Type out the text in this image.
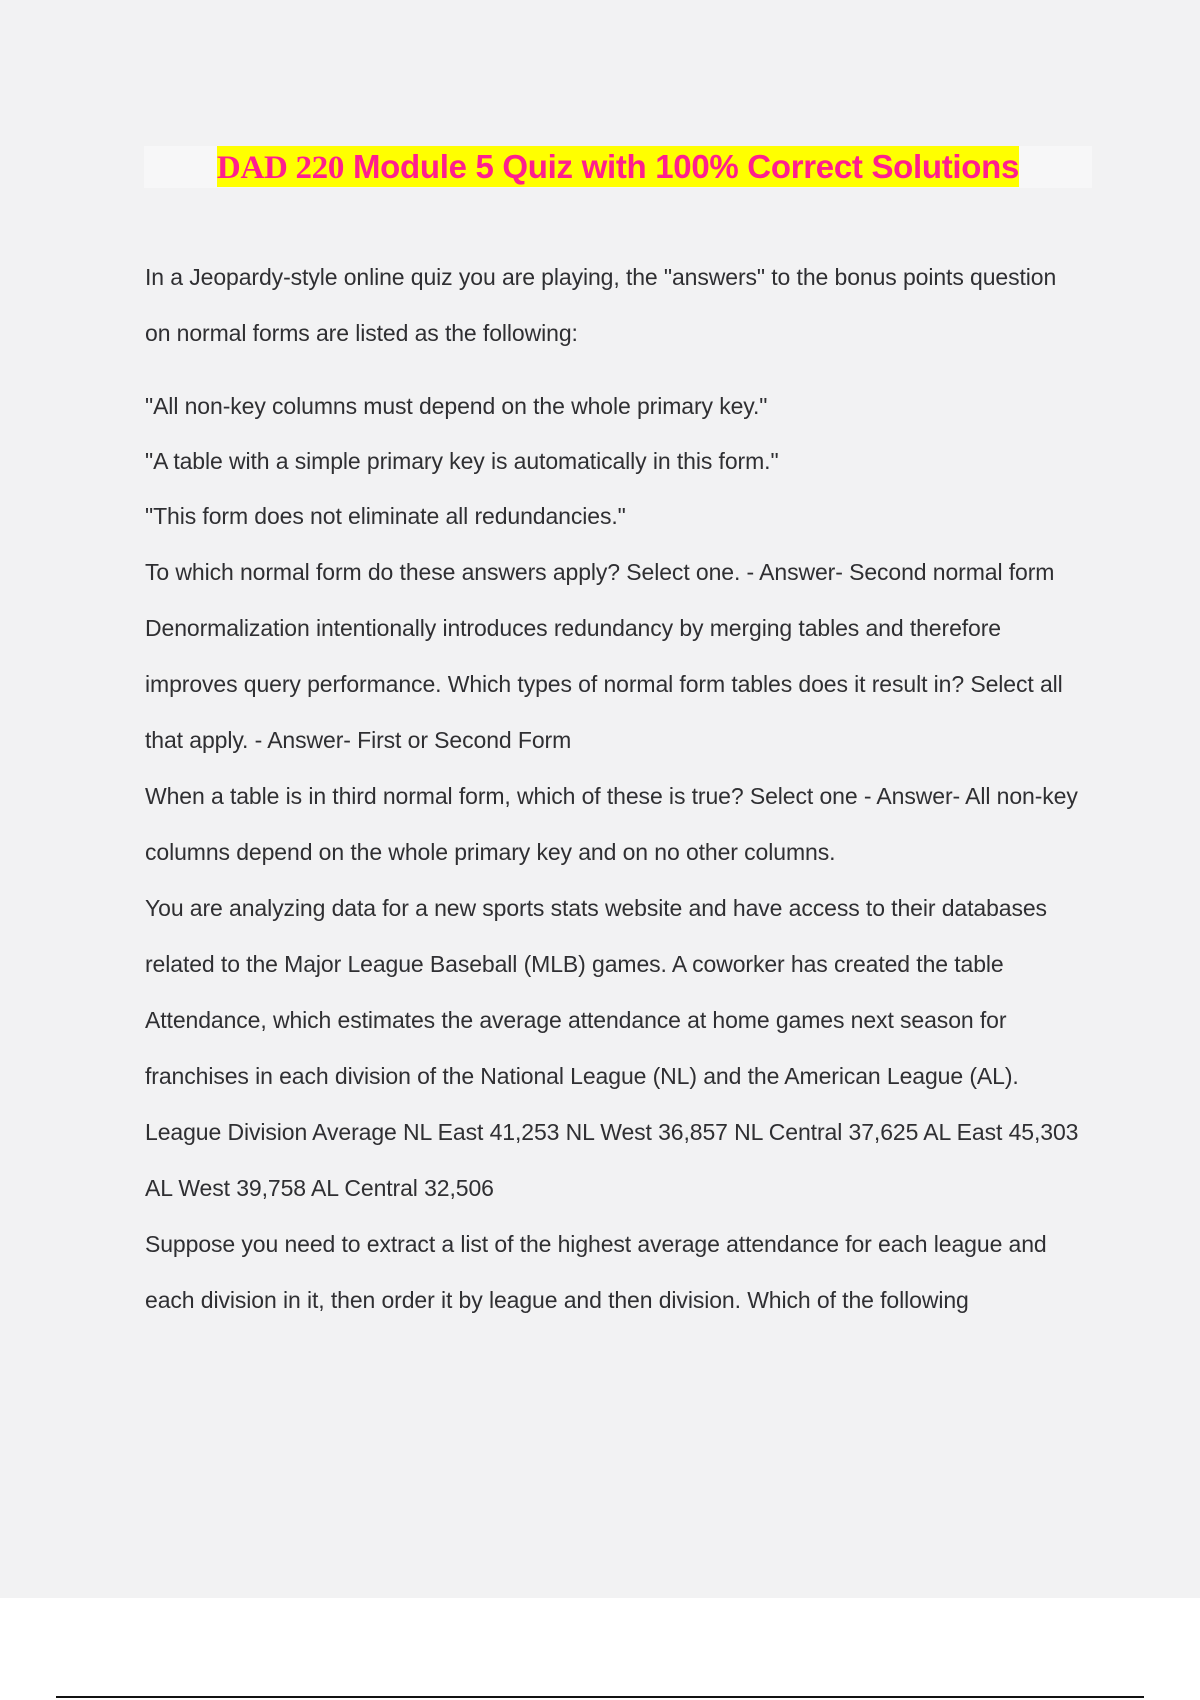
DAD 220 Module 5 Quiz with 100% Correct Solutions

In a Jeopardy-style online quiz you are playing, the "answers" to the bonus points question on normal forms are listed as the following:

"All non-key columns must depend on the whole primary key."

"A table with a simple primary key is automatically in this form."

"This form does not eliminate all redundancies."

To which normal form do these answers apply? Select one. - Answer- Second normal form

Denormalization intentionally introduces redundancy by merging tables and therefore improves query performance. Which types of normal form tables does it result in? Select all that apply. - Answer- First or Second Form

When a table is in third normal form, which of these is true? Select one - Answer- All non-key columns depend on the whole primary key and on no other columns.

You are analyzing data for a new sports stats website and have access to their databases related to the Major League Baseball (MLB) games. A coworker has created the table Attendance, which estimates the average attendance at home games next season for franchises in each division of the National League (NL) and the American League (AL). League Division Average NL East 41,253 NL West 36,857 NL Central 37,625 AL East 45,303 AL West 39,758 AL Central 32,506

Suppose you need to extract a list of the highest average attendance for each league and each division in it, then order it by league and then division. Which of the following
